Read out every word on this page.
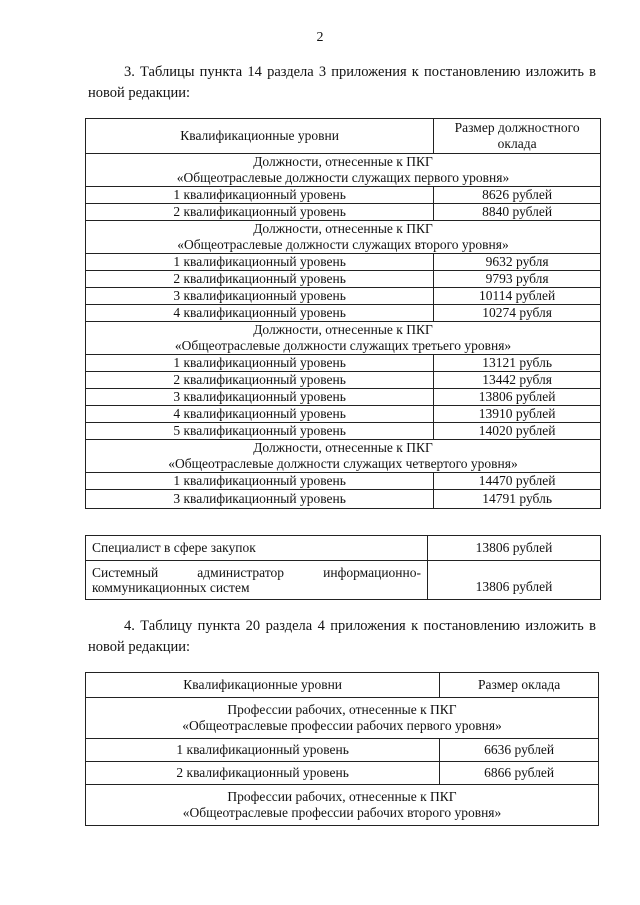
2

3. Таблицы пункта 14 раздела 3 приложения к постановлению изложить в новой редакции:

Квалификационные уровни	Размер должностного оклада

Должности, отнесенные к ПКГ
«Общеотраслевые должности служащих первого уровня»	

1 квалификационный уровень	8626 рублей
2 квалификационный уровень	8840 рублей

Должности, отнесенные к ПКГ
«Общеотраслевые должности служащих второго уровня»	

1 квалификационный уровень	9632 рубля
2 квалификационный уровень	9793 рубля
3 квалификационный уровень	10114 рублей
4 квалификационный уровень	10274 рубля

Должности, отнесенные к ПКГ
«Общеотраслевые должности служащих третьего уровня»	

1 квалификационный уровень	13121 рубль
2 квалификационный уровень	13442 рубля
3 квалификационный уровень	13806 рублей
4 квалификационный уровень	13910 рублей
5 квалификационный уровень	14020 рублей

Должности, отнесенные к ПКГ
«Общеотраслевые должности служащих четвертого уровня»	

1 квалификационный уровень	14470 рублей
3 квалификационный уровень	14791 рубль
Специалист в сфере закупок	13806 рублей
Системный администратор информационно-коммуникационных систем	13806 рублей

4. Таблицу пункта 20 раздела 4 приложения к постановлению изложить в новой редакции:

Квалификационные уровни	Размер оклада

Профессии рабочих, отнесенные к ПКГ
«Общеотраслевые профессии рабочих первого уровня»	

1 квалификационный уровень	6636 рублей
2 квалификационный уровень	6866 рублей

Профессии рабочих, отнесенные к ПКГ
«Общеотраслевые профессии рабочих второго уровня»	
